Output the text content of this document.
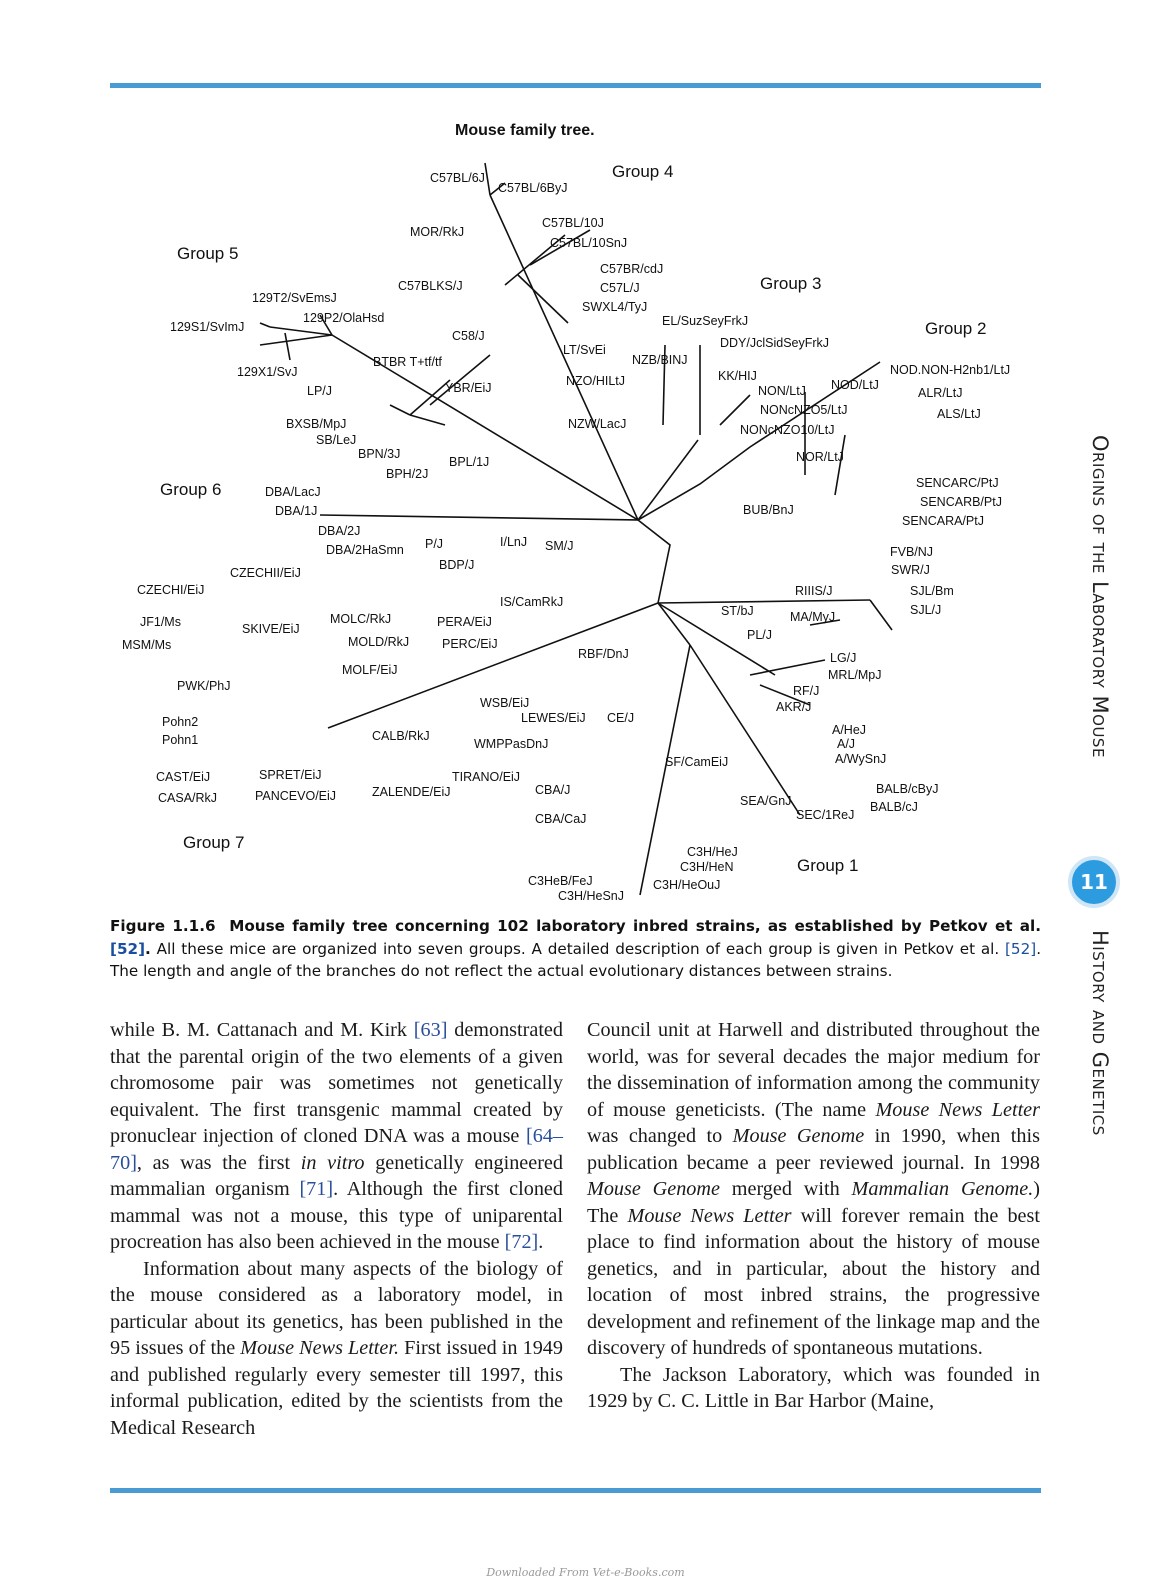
Mouse family tree.
Group 4
Group 5
Group 3
Group 2
Group 6
Group 7
Group 1
C57BL/6J
C57BL/6ByJ
MOR/RkJ
C57BL/10J
C57BL/10SnJ
C57BR/cdJ
C57L/J
SWXL4/TyJ
C57BLKS/J
C58/J
129T2/SvEmsJ
129P2/OlaHsd
129S1/SvImJ
BTBR T+tf/tf
129X1/SvJ
LP/J	YBR/EiJ
BXSB/MpJ
SB/LeJ
BPN/3J
BPH/2J
BPL/1J
LT/SvEi
NZO/HILtJ
NZB/BINJ
NZW/LacJ
EL/SuzSeyFrkJ
DDY/JclSidSeyFrkJ
KK/HIJ
NON/LtJ
NONcNZO5/LtJ
NONcNZO10/LtJ
NOD/LtJ
NOD.NON-H2nb1/LtJ
ALR/LtJ
ALS/LtJ
NOR/LtJ
DBA/LacJ
DBA/1J
DBA/2J
DBA/2HaSmn P/J	I/LnJ SM/J
BDP/J
BUB/BnJ
SENCARC/PtJ
SENCARB/PtJ
SENCARA/PtJ
FVB/NJ
SWR/J
CZECHII/EiJ
CZECHI/EiJ
JF1/Ms
MSM/Ms
SKIVE/EiJ
MOLC/RkJ
MOLD/RkJ
MOLF/EiJ
PWK/PhJ
IS/CamRkJ
PERA/EiJ
PERC/EiJ
RBF/DnJ
RIIIS/J
ST/bJ	MA/MyJ
SJL/Bm
SJL/J
PL/J
LG/J
MRL/MpJ
RF/J
AKR/J
WSB/EiJ
LEWES/EiJ CE/J
Pohn2
Pohn1	CALB/RkJ
WMPPasDnJ
A/HeJ
A/J
A/WySnJ
SF/CamEiJ
CAST/EiJ
CASA/RkJ
SPRET/EiJ
PANCEVO/EiJ	ZALENDE/EiJ
TIRANO/EiJ
CBA/J
CBA/CaJ
BALB/cByJ
BALB/cJ
SEA/GnJ
SEC/1ReJ
C3H/HeJ
C3H/HeN
C3H/HeOuJ
C3HeB/FeJ
C3H/HeSnJ
Figure 1.1.6 Mouse family tree concerning 102 laboratory inbred strains, as established by Petkov et al. [52]. All these mice are organized into seven groups. A detailed description of each group is given in Petkov et al. [52]. The length and angle of the branches do not reflect the actual evolutionary distances between strains.

while B. M. Cattanach and M. Kirk [63] demonstrated that the parental origin of the two elements of a given chromosome pair was sometimes not genetically equivalent. The first transgenic mammal created by pronuclear injection of cloned DNA was a mouse [64–70], as was the first in vitro genetically engineered mammalian organism [71]. Although the first cloned mammal was not a mouse, this type of uniparental procreation has also been achieved in the mouse [72].

Information about many aspects of the biology of the mouse considered as a laboratory model, in particular about its genetics, has been published in the 95 issues of the Mouse News Letter. First issued in 1949 and published regularly every semester till 1997, this informal publication, edited by the scientists from the Medical Research

Council unit at Harwell and distributed throughout the world, was for several decades the major medium for the dissemination of information among the community of mouse geneticists. (The name Mouse News Letter was changed to Mouse Genome in 1990, when this publication became a peer reviewed journal. In 1998 Mouse Genome merged with Mammalian Genome.) The Mouse News Letter will forever remain the best place to find information about the history of mouse genetics, and in particular, about the history and location of most inbred strains, the progressive development and refinement of the linkage map and the discovery of hundreds of spontaneous mutations.

The Jackson Laboratory, which was founded in 1929 by C. C. Little in Bar Harbor (Maine,

Origins of the Laboratory Mouse
11
History and Genetics
Downloaded From Vet-e-Books.com
